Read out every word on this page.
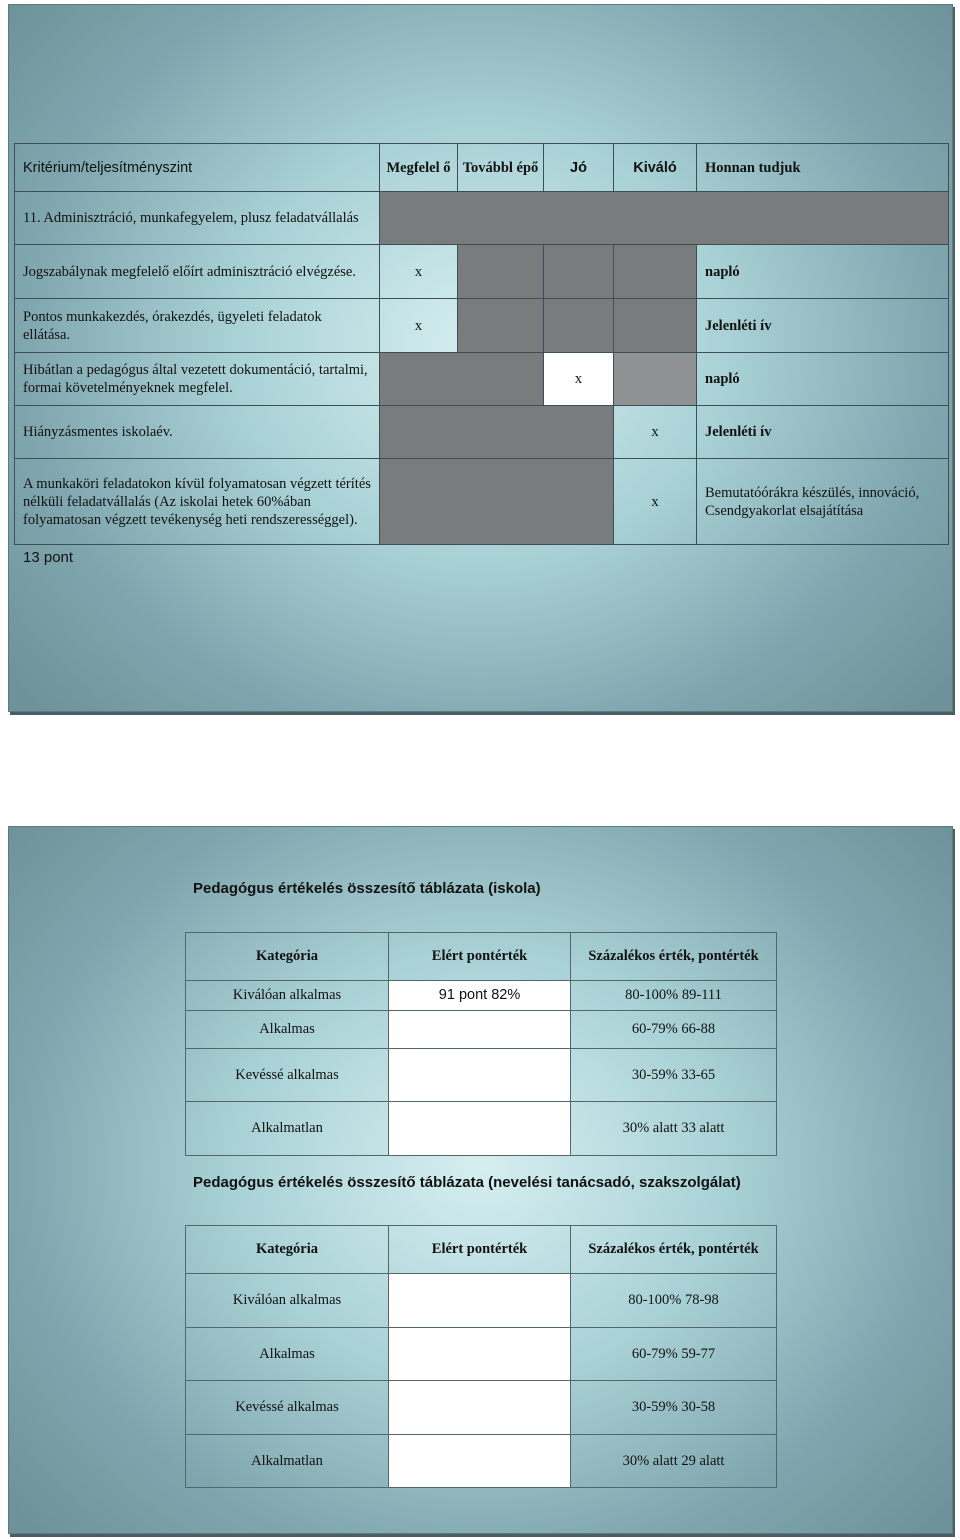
Kritérium/teljesítményszint	Megfelel ő	Továbbl épő	Jó	Kiváló	Honnan tudjuk
11. Adminisztráció, munkafegyelem, plusz feladatvállalás					
Jogszabálynak megfelelő előírt adminisztráció elvégzése.	x				napló
Pontos munkakezdés, órakezdés, ügyeleti feladatok ellátása.	x				Jelenléti ív
Hibátlan a pedagógus által vezetett dokumentáció, tartalmi, formai követelményeknek megfelel.			x		napló
Hiányzásmentes iskolaév.				x	Jelenléti ív
A munkaköri feladatokon kívül folyamatosan végzett térítés nélküli feladatvállalás (Az iskolai hetek 60%ában folyamatosan végzett tevékenység heti rendszerességgel).				x	Bemutatóórákra készülés, innováció, Csendgyakorlat elsajátítása
13 pont
Pedagógus értékelés összesítő táblázata (iskola)
Kategória	Elért pontérték	Százalékos érték, pontérték
Kiválóan alkalmas	91 pont 82%	80-100% 89-111
Alkalmas		60-79% 66-88
Kevéssé alkalmas		30-59% 33-65
Alkalmatlan		30% alatt 33 alatt
Pedagógus értékelés összesítő táblázata (nevelési tanácsadó, szakszolgálat)
Kategória	Elért pontérték	Százalékos érték, pontérték
Kiválóan alkalmas		80-100% 78-98
Alkalmas		60-79% 59-77
Kevéssé alkalmas		30-59% 30-58
Alkalmatlan		30% alatt 29 alatt
